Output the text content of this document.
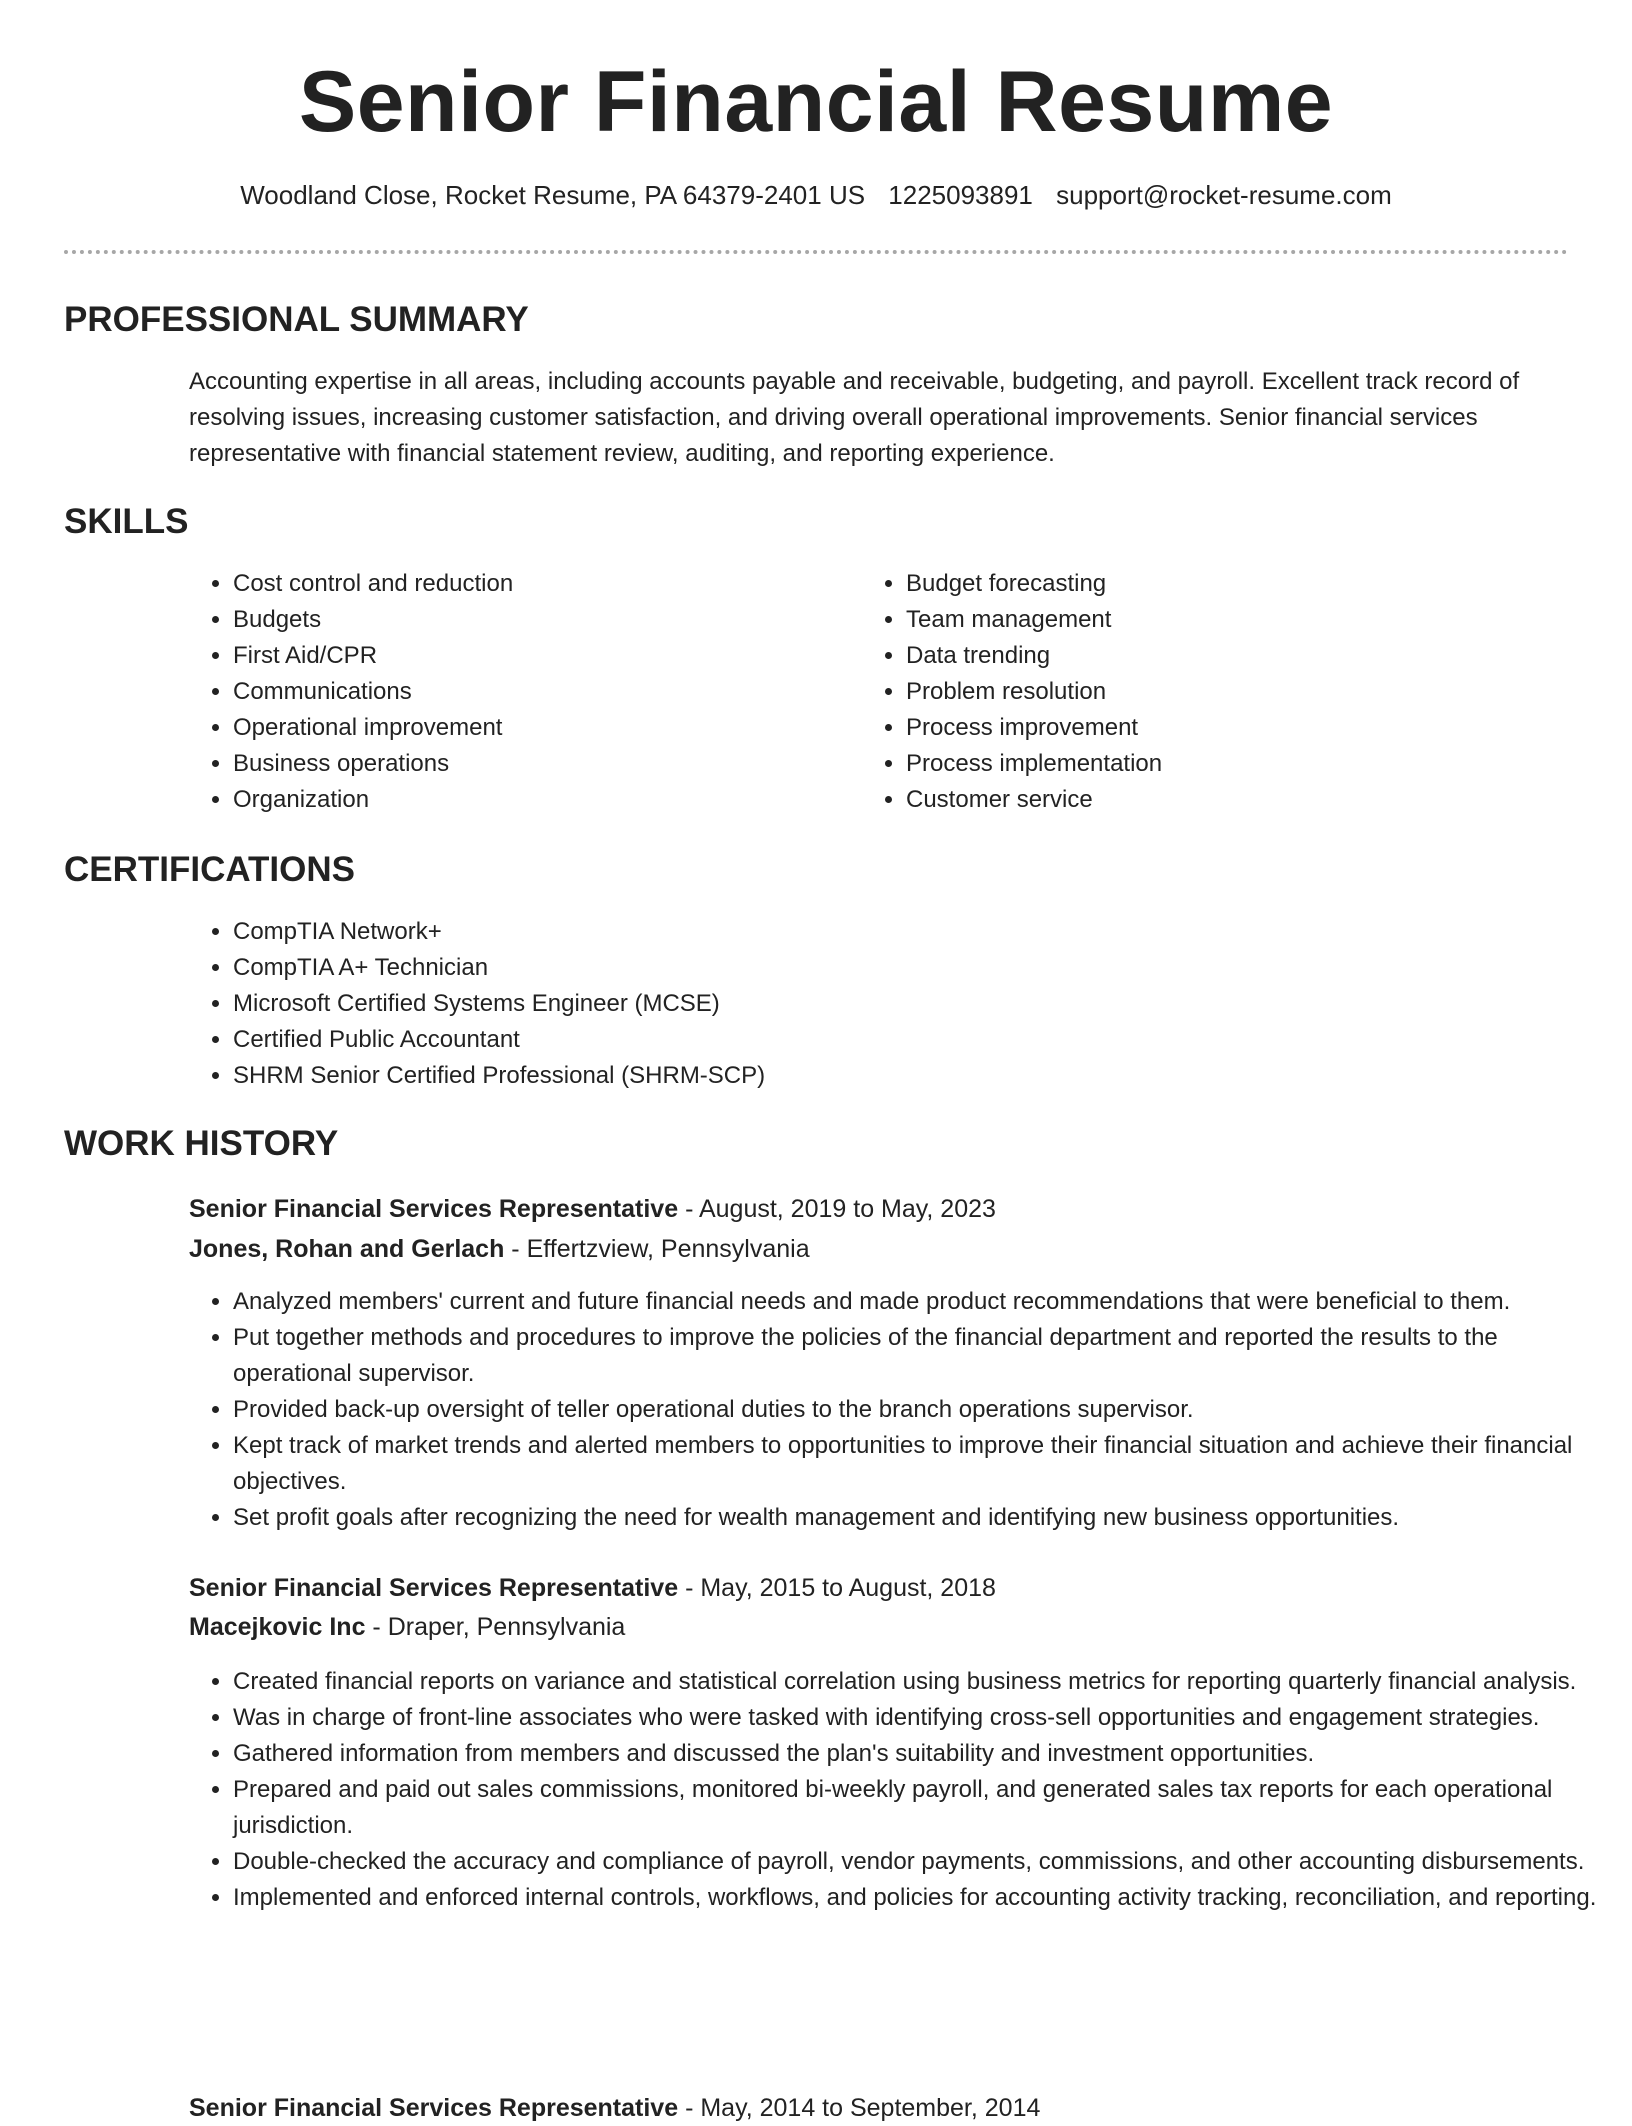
Senior Financial Resume
Woodland Close, Rocket Resume, PA 64379-2401 US 1225093891 support@rocket-resume.com
PROFESSIONAL SUMMARY

Accounting expertise in all areas, including accounts payable and receivable, budgeting, and payroll. Excellent track record of resolving issues, increasing customer satisfaction, and driving overall operational improvements. Senior financial services representative with financial statement review, auditing, and reporting experience.

SKILLS
• Cost control and reduction
• Budgets
• First Aid/CPR
• Communications
• Operational improvement
• Business operations
• Organization
• Budget forecasting
• Team management
• Data trending
• Problem resolution
• Process improvement
• Process implementation
• Customer service
CERTIFICATIONS
• CompTIA Network+
• CompTIA A+ Technician
• Microsoft Certified Systems Engineer (MCSE)
• Certified Public Accountant
• SHRM Senior Certified Professional (SHRM-SCP)
WORK HISTORY
Senior Financial Services Representative - August, 2019 to May, 2023
Jones, Rohan and Gerlach - Effertzview, Pennsylvania
• Analyzed members' current and future financial needs and made product recommendations that were beneficial to them.
• Put together methods and procedures to improve the policies of the financial department and reported the results to the operational supervisor.
• Provided back-up oversight of teller operational duties to the branch operations supervisor.
• Kept track of market trends and alerted members to opportunities to improve their financial situation and achieve their financial objectives.
• Set profit goals after recognizing the need for wealth management and identifying new business opportunities.
Senior Financial Services Representative - May, 2015 to August, 2018
Macejkovic Inc - Draper, Pennsylvania
• Created financial reports on variance and statistical correlation using business metrics for reporting quarterly financial analysis.
• Was in charge of front-line associates who were tasked with identifying cross-sell opportunities and engagement strategies.
• Gathered information from members and discussed the plan's suitability and investment opportunities.
• Prepared and paid out sales commissions, monitored bi-weekly payroll, and generated sales tax reports for each operational jurisdiction.
• Double-checked the accuracy and compliance of payroll, vendor payments, commissions, and other accounting disbursements.
• Implemented and enforced internal controls, workflows, and policies for accounting activity tracking, reconciliation, and reporting.
Senior Financial Services Representative - May, 2014 to September, 2014
